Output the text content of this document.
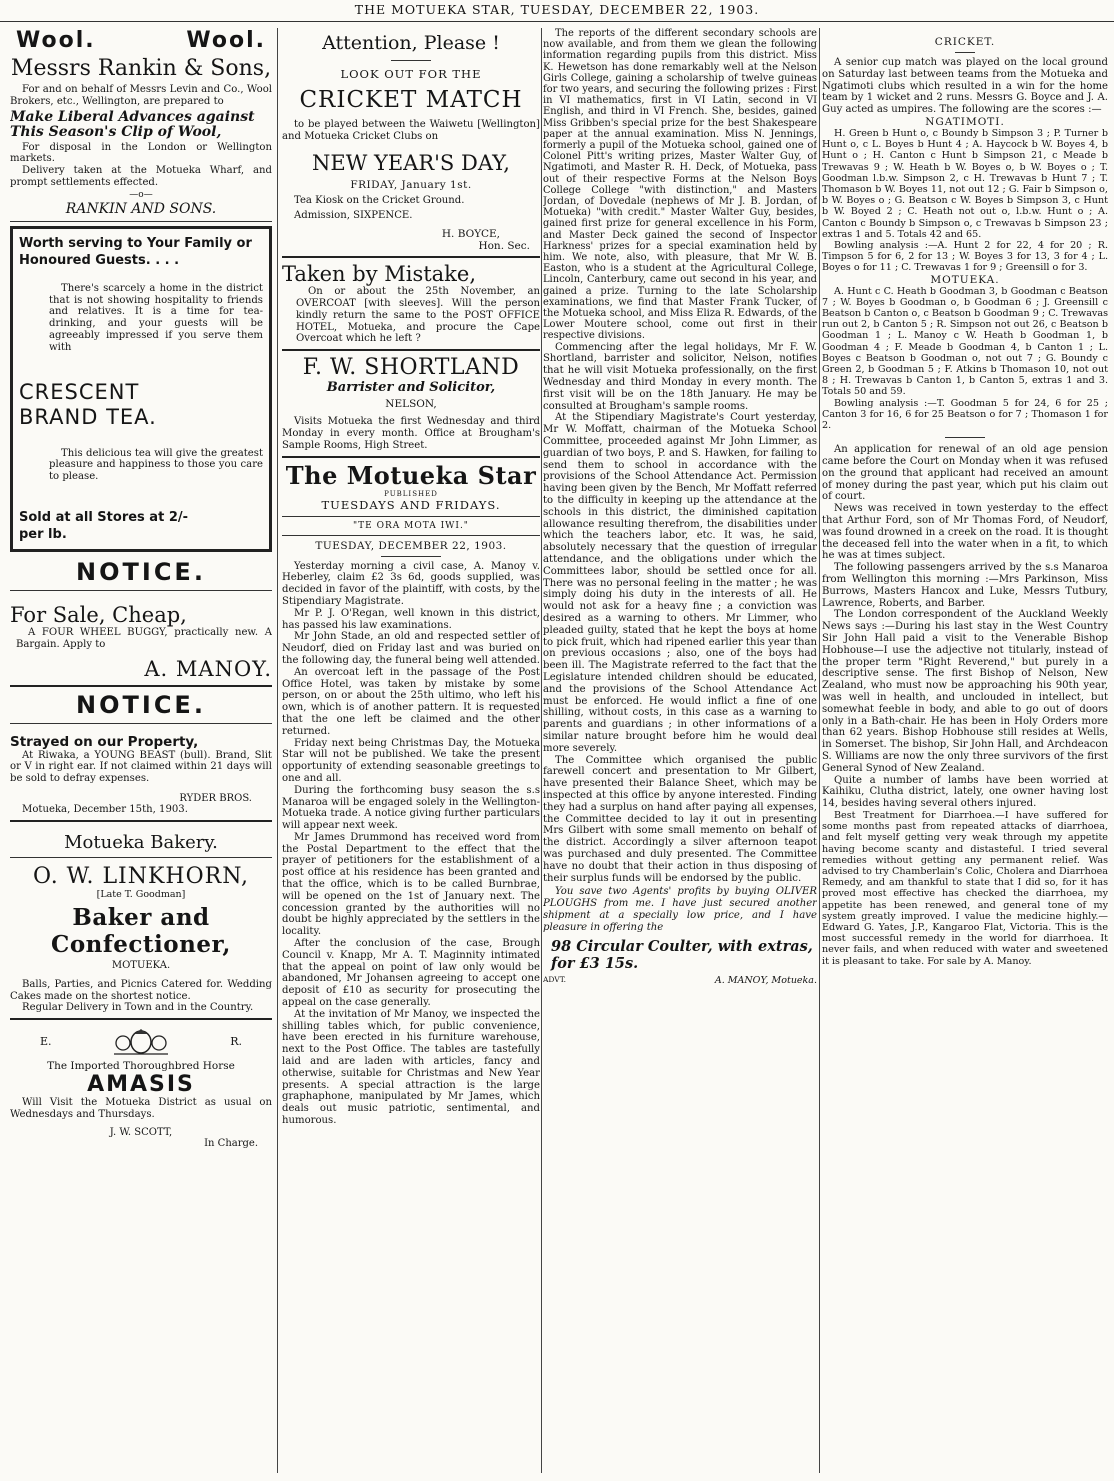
THE MOTUEKA STAR, TUESDAY, DECEMBER 22, 1903.
Wool.	Wool.

Messrs Rankin & Sons,

For and on behalf of Messrs Levin and Co., Wool Brokers, etc., Wellington, are prepared to

Make Liberal Advances against This Season's Clip of Wool,

For disposal in the London or Wellington markets.

Delivery taken at the Motueka Wharf, and prompt settlements effected.

—o—

RANKIN AND SONS.

Worth serving to Your Family or Honoured Guests. . . .

There's scarcely a home in the district that is not showing hospitality to friends and relatives. It is a time for tea-drinking, and your guests will be agreeably impressed if you serve them with

CRESCENT BRAND TEA.

This delicious tea will give the greatest pleasure and happiness to those you care to please.

Sold at all Stores at 2/- per lb.

NOTICE.

For Sale, Cheap,

A FOUR WHEEL BUGGY, practically new. A Bargain. Apply to

A. MANOY.

NOTICE.

Strayed on our Property,

At Riwaka, a YOUNG BEAST (bull). Brand, Slit or V in right ear. If not claimed within 21 days will be sold to defray expenses.

RYDER BROS.

Motueka, December 15th, 1903.

Motueka Bakery.

O. W. LINKHORN,

[Late T. Goodman]

Baker and Confectioner,

MOTUEKA.

Balls, Parties, and Picnics Catered for. Wedding Cakes made on the shortest notice.

Regular Delivery in Town and in the Country.

E.	R.

The Imported Thoroughbred Horse

AMASIS

Will Visit the Motueka District as usual on Wednesdays and Thursdays.

J. W. SCOTT,

In Charge.

Attention, Please !

LOOK OUT FOR THE

CRICKET MATCH

to be played between the Waiwetu [Wellington] and Motueka Cricket Clubs on

NEW YEAR'S DAY,

FRIDAY, January 1st.

Tea Kiosk on the Cricket Ground.

Admission, SIXPENCE.

H. BOYCE,

Hon. Sec.

Taken by Mistake,

On or about the 25th November, an OVERCOAT [with sleeves]. Will the person kindly return the same to the POST OFFICE HOTEL, Motueka, and procure the Cape Overcoat which he left ?

F. W. SHORTLAND

Barrister and Solicitor,

NELSON,

Visits Motueka the first Wednesday and third Monday in every month. Office at Brougham's Sample Rooms, High Street.

The Motueka Star

PUBLISHED

TUESDAYS AND FRIDAYS.

"TE ORA MOTA IWI."

TUESDAY, DECEMBER 22, 1903.

Yesterday morning a civil case, A. Manoy v. Heberley, claim £2 3s 6d, goods supplied, was decided in favor of the plaintiff, with costs, by the Stipendiary Magistrate.

Mr P. J. O'Regan, well known in this district, has passed his law examinations.

Mr John Stade, an old and respected settler of Neudorf, died on Friday last and was buried on the following day, the funeral being well attended.

An overcoat left in the passage of the Post Office Hotel, was taken by mistake by some person, on or about the 25th ultimo, who left his own, which is of another pattern. It is requested that the one left be claimed and the other returned.

Friday next being Christmas Day, the Motueka Star will not be published. We take the present opportunity of extending seasonable greetings to one and all.

During the forthcoming busy season the s.s Manaroa will be engaged solely in the Wellington-Motueka trade. A notice giving further particulars will appear next week.

Mr James Drummond has received word from the Postal Department to the effect that the prayer of petitioners for the establishment of a post office at his residence has been granted and that the office, which is to be called Burnbrae, will be opened on the 1st of January next. The concession granted by the authorities will no doubt be highly appreciated by the settlers in the locality.

After the conclusion of the case, Brough Council v. Knapp, Mr A. T. Maginnity intimated that the appeal on point of law only would be abandoned, Mr Johansen agreeing to accept one deposit of £10 as security for prosecuting the appeal on the case generally.

At the invitation of Mr Manoy, we inspected the shilling tables which, for public convenience, have been erected in his furniture warehouse, next to the Post Office. The tables are tastefully laid and are laden with articles, fancy and otherwise, suitable for Christmas and New Year presents. A special attraction is the large graphaphone, manipulated by Mr James, which deals out music patriotic, sentimental, and humorous.

The reports of the different secondary schools are now available, and from them we glean the following information regarding pupils from this district. Miss K. Hewetson has done remarkably well at the Nelson Girls College, gaining a scholarship of twelve guineas for two years, and securing the following prizes : First in VI mathematics, first in VI Latin, second in VI English, and third in VI French. She, besides, gained Miss Gribben's special prize for the best Shakespeare paper at the annual examination. Miss N. Jennings, formerly a pupil of the Motueka school, gained one of Colonel Pitt's writing prizes, Master Walter Guy, of Ngatimoti, and Master R. H. Deck, of Motueka, pass out of their respective Forms at the Nelson Boys College College "with distinction," and Masters Jordan, of Dovedale (nephews of Mr J. B. Jordan, of Motueka) "with credit." Master Walter Guy, besides, gained first prize for general excellence in his Form, and Master Deck gained the second of Inspector Harkness' prizes for a special examination held by him. We note, also, with pleasure, that Mr W. B. Easton, who is a student at the Agricultural College, Lincoln, Canterbury, came out second in his year, and gained a prize. Turning to the late Scholarship examinations, we find that Master Frank Tucker, of the Motueka school, and Miss Eliza R. Edwards, of the Lower Moutere school, come out first in their respective divisions.

Commencing after the legal holidays, Mr F. W. Shortland, barrister and solicitor, Nelson, notifies that he will visit Motueka professionally, on the first Wednesday and third Monday in every month. The first visit will be on the 18th January. He may be consulted at Brougham's sample rooms.

At the Stipendiary Magistrate's Court yesterday, Mr W. Moffatt, chairman of the Motueka School Committee, proceeded against Mr John Limmer, as guardian of two boys, P. and S. Hawken, for failing to send them to school in accordance with the provisions of the School Attendance Act. Permission having been given by the Bench, Mr Moffatt referred to the difficulty in keeping up the attendance at the schools in this district, the diminished capitation allowance resulting therefrom, the disabilities under which the teachers labor, etc. It was, he said, absolutely necessary that the question of irregular attendance, and the obligations under which the Committees labor, should be settled once for all. There was no personal feeling in the matter ; he was simply doing his duty in the interests of all. He would not ask for a heavy fine ; a conviction was desired as a warning to others. Mr Limmer, who pleaded guilty, stated that he kept the boys at home to pick fruit, which had ripened earlier this year than on previous occasions ; also, one of the boys had been ill. The Magistrate referred to the fact that the Legislature intended children should be educated, and the provisions of the School Attendance Act must be enforced. He would inflict a fine of one shilling, without costs, in this case as a warning to parents and guardians ; in other informations of a similar nature brought before him he would deal more severely.

The Committee which organised the public farewell concert and presentation to Mr Gilbert, have presented their Balance Sheet, which may be inspected at this office by anyone interested. Finding they had a surplus on hand after paying all expenses, the Committee decided to lay it out in presenting Mrs Gilbert with some small memento on behalf of the district. Accordingly a silver afternoon teapot was purchased and duly presented. The Committee have no doubt that their action in thus disposing of their surplus funds will be endorsed by the public.

You save two Agents' profits by buying OLIVER PLOUGHS from me. I have just secured another shipment at a specially low price, and I have pleasure in offering the

98 Circular Coulter, with extras, for £3 15s.

ADVT.	A. MANOY, Motueka.

CRICKET.

A senior cup match was played on the local ground on Saturday last between teams from the Motueka and Ngatimoti clubs which resulted in a win for the home team by 1 wicket and 2 runs. Messrs G. Boyce and J. A. Guy acted as umpires. The following are the scores :—

NGATIMOTI.

H. Green b Hunt o, c Boundy b Simpson 3 ; P. Turner b Hunt o, c L. Boyes b Hunt 4 ; A. Haycock b W. Boyes 4, b Hunt o ; H. Canton c Hunt b Simpson 21, c Meade b Trewavas 9 ; W. Heath b W. Boyes o, b W. Boyes o ; T. Goodman l.b.w. Simpson 2, c H. Trewavas b Hunt 7 ; T. Thomason b W. Boyes 11, not out 12 ; G. Fair b Simpson o, b W. Boyes o ; G. Beatson c W. Boyes b Simpson 3, c Hunt b W. Boyed 2 ; C. Heath not out o, l.b.w. Hunt o ; A. Canton c Boundy b Simpson o, c Trewavas b Simpson 23 ; extras 1 and 5. Totals 42 and 65.

Bowling analysis :—A. Hunt 2 for 22, 4 for 20 ; R. Timpson 5 for 6, 2 for 13 ; W. Boyes 3 for 13, 3 for 4 ; L. Boyes o for 11 ; C. Trewavas 1 for 9 ; Greensill o for 3.

MOTUEKA.

A. Hunt c C. Heath b Goodman 3, b Goodman c Beatson 7 ; W. Boyes b Goodman o, b Goodman 6 ; J. Greensill c Beatson b Canton o, c Beatson b Goodman 9 ; C. Trewavas run out 2, b Canton 5 ; R. Simpson not out 26, c Beatson b Goodman 1 ; L. Manoy c W. Heath b Goodman 1, b Goodman 4 ; F. Meade b Goodman 4, b Canton 1 ; L. Boyes c Beatson b Goodman o, not out 7 ; G. Boundy c Green 2, b Goodman 5 ; F. Atkins b Thomason 10, not out 8 ; H. Trewavas b Canton 1, b Canton 5, extras 1 and 3. Totals 50 and 59.

Bowling analysis :—T. Goodman 5 for 24, 6 for 25 ; Canton 3 for 16, 6 for 25 Beatson o for 7 ; Thomason 1 for 2.

An application for renewal of an old age pension came before the Court on Monday when it was refused on the ground that applicant had received an amount of money during the past year, which put his claim out of court.

News was received in town yesterday to the effect that Arthur Ford, son of Mr Thomas Ford, of Neudorf, was found drowned in a creek on the road. It is thought the deceased fell into the water when in a fit, to which he was at times subject.

The following passengers arrived by the s.s Manaroa from Wellington this morning :—Mrs Parkinson, Miss Burrows, Masters Hancox and Luke, Messrs Tutbury, Lawrence, Roberts, and Barber.

The London correspondent of the Auckland Weekly News says :—During his last stay in the West Country Sir John Hall paid a visit to the Venerable Bishop Hobhouse—I use the adjective not titularly, instead of the proper term "Right Reverend," but purely in a descriptive sense. The first Bishop of Nelson, New Zealand, who must now be approaching his 90th year, was well in health, and unclouded in intellect, but somewhat feeble in body, and able to go out of doors only in a Bath-chair. He has been in Holy Orders more than 62 years. Bishop Hobhouse still resides at Wells, in Somerset. The bishop, Sir John Hall, and Archdeacon S. Williams are now the only three survivors of the first General Synod of New Zealand.

Quite a number of lambs have been worried at Kaihiku, Clutha district, lately, one owner having lost 14, besides having several others injured.

Best Treatment for Diarrhoea.—I have suffered for some months past from repeated attacks of diarrhoea, and felt myself getting very weak through my appetite having become scanty and distasteful. I tried several remedies without getting any permanent relief. Was advised to try Chamberlain's Colic, Cholera and Diarrhoea Remedy, and am thankful to state that I did so, for it has proved most effective has checked the diarrhoea, my appetite has been renewed, and general tone of my system greatly improved. I value the medicine highly.—Edward G. Yates, J.P., Kangaroo Flat, Victoria. This is the most successful remedy in the world for diarrhoea. It never fails, and when reduced with water and sweetened it is pleasant to take. For sale by A. Manoy.
